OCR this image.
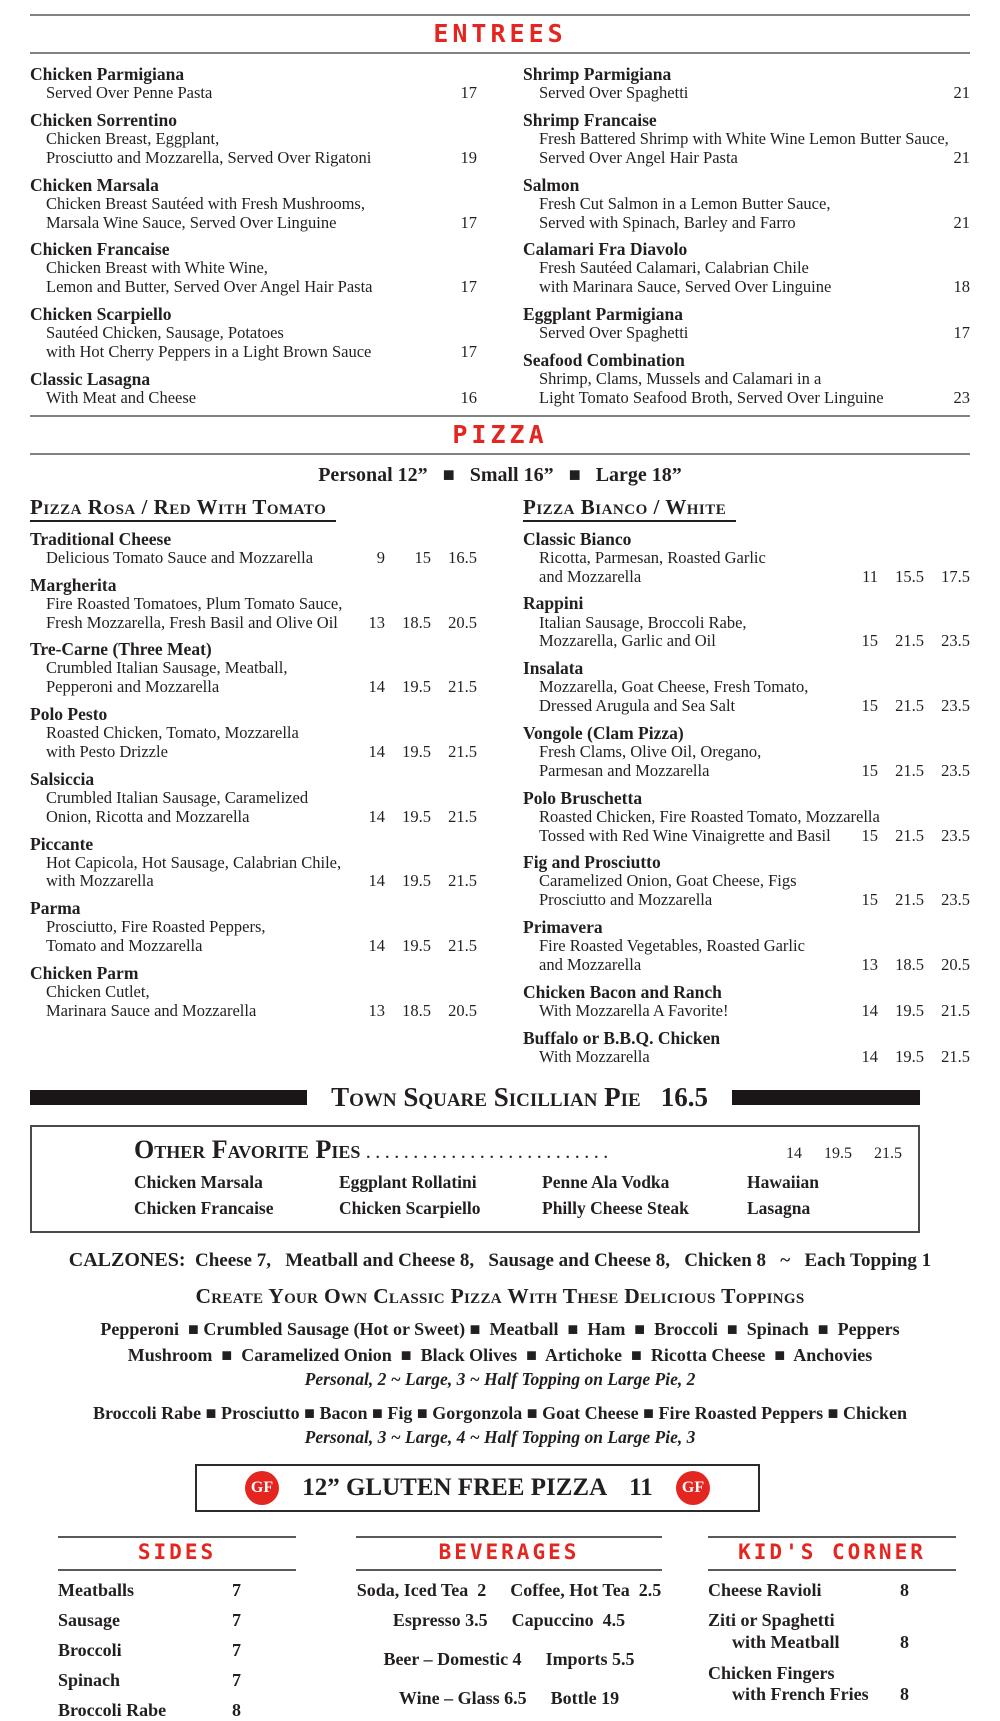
ENTREES
Chicken Parmigiana
Served Over Penne Pasta	17
Chicken Sorrentino
Chicken Breast, Eggplant,
Prosciutto and Mozzarella, Served Over Rigatoni	19
Chicken Marsala
Chicken Breast Sautéed with Fresh Mushrooms,
Marsala Wine Sauce, Served Over Linguine	17
Chicken Francaise
Chicken Breast with White Wine,
Lemon and Butter, Served Over Angel Hair Pasta	17
Chicken Scarpiello
Sautéed Chicken, Sausage, Potatoes
with Hot Cherry Peppers in a Light Brown Sauce	17
Classic Lasagna
With Meat and Cheese	16
Shrimp Parmigiana
Served Over Spaghetti	21
Shrimp Francaise
Fresh Battered Shrimp with White Wine Lemon Butter Sauce,
Served Over Angel Hair Pasta	21
Salmon
Fresh Cut Salmon in a Lemon Butter Sauce,
Served with Spinach, Barley and Farro	21
Calamari Fra Diavolo
Fresh Sautéed Calamari, Calabrian Chile
with Marinara Sauce, Served Over Linguine	18
Eggplant Parmigiana
Served Over Spaghetti	17
Seafood Combination
Shrimp, Clams, Mussels and Calamari in a
Light Tomato Seafood Broth, Served Over Linguine	23
PIZZA
Personal 12”   ■   Small 16”   ■   Large 18”
Pizza Rosa / Red With Tomato
Traditional Cheese
Delicious Tomato Sauce and Mozzarella	9	15	16.5
Margherita
Fire Roasted Tomatoes, Plum Tomato Sauce,
Fresh Mozzarella, Fresh Basil and Olive Oil	13	18.5	20.5
Tre-Carne (Three Meat)
Crumbled Italian Sausage, Meatball,
Pepperoni and Mozzarella	14	19.5	21.5
Polo Pesto
Roasted Chicken, Tomato, Mozzarella
with Pesto Drizzle	14	19.5	21.5
Salsiccia
Crumbled Italian Sausage, Caramelized
Onion, Ricotta and Mozzarella	14	19.5	21.5
Piccante
Hot Capicola, Hot Sausage, Calabrian Chile,
with Mozzarella	14	19.5	21.5
Parma
Prosciutto, Fire Roasted Peppers,
Tomato and Mozzarella	14	19.5	21.5
Chicken Parm
Chicken Cutlet,
Marinara Sauce and Mozzarella	13	18.5	20.5
Pizza Bianco / White
Classic Bianco
Ricotta, Parmesan, Roasted Garlic
and Mozzarella	11	15.5	17.5
Rappini
Italian Sausage, Broccoli Rabe,
Mozzarella, Garlic and Oil	15	21.5	23.5
Insalata
Mozzarella, Goat Cheese, Fresh Tomato,
Dressed Arugula and Sea Salt	15	21.5	23.5
Vongole (Clam Pizza)
Fresh Clams, Olive Oil, Oregano,
Parmesan and Mozzarella	15	21.5	23.5
Polo Bruschetta
Roasted Chicken, Fire Roasted Tomato, Mozzarella
Tossed with Red Wine Vinaigrette and Basil	15	21.5	23.5
Fig and Prosciutto
Caramelized Onion, Goat Cheese, Figs
Prosciutto and Mozzarella	15	21.5	23.5
Primavera
Fire Roasted Vegetables, Roasted Garlic
and Mozzarella	13	18.5	20.5
Chicken Bacon and Ranch
With Mozzarella A Favorite!	14	19.5	21.5
Buffalo or B.B.Q. Chicken
With Mozzarella	14	19.5	21.5
Town Square Sicillian Pie 16.5
Other Favorite Pies . . . . . . . . . . . . . . . . . . . . . . . . . .	14	19.5	21.5
Chicken Marsala	Eggplant Rollatini	Penne Ala Vodka	Hawaiian
Chicken Francaise	Chicken Scarpiello	Philly Cheese Steak	Lasagna
CALZONES:  Cheese 7,   Meatball and Cheese 8,   Sausage and Cheese 8,   Chicken 8   ~   Each Topping 1
Create Your Own Classic Pizza With These Delicious Toppings
Pepperoni  ■ Crumbled Sausage (Hot or Sweet) ■  Meatball  ■  Ham  ■  Broccoli  ■  Spinach  ■  Peppers
Mushroom  ■  Caramelized Onion  ■  Black Olives  ■  Artichoke  ■  Ricotta Cheese  ■  Anchovies
Personal, 2 ~ Large, 3 ~ Half Topping on Large Pie, 2
Broccoli Rabe ■ Prosciutto ■ Bacon ■ Fig ■ Gorgonzola ■ Goat Cheese ■ Fire Roasted Peppers ■ Chicken
Personal, 3 ~ Large, 4 ~ Half Topping on Large Pie, 3
GF 12” GLUTEN FREE PIZZA 11	GF
SIDES
Meatballs	7
Sausage	7
Broccoli	7
Spinach	7
Broccoli Rabe	8
BEVERAGES
Soda, Iced Tea  2 Coffee, Hot Tea  2.5
Espresso 3.5 Capuccino  4.5
Beer – Domestic 4 Imports 5.5
Wine – Glass 6.5 Bottle 19
KID'S CORNER
Cheese Ravioli	8
Ziti or Spaghetti
with Meatball	8
Chicken Fingers
with French Fries	8
